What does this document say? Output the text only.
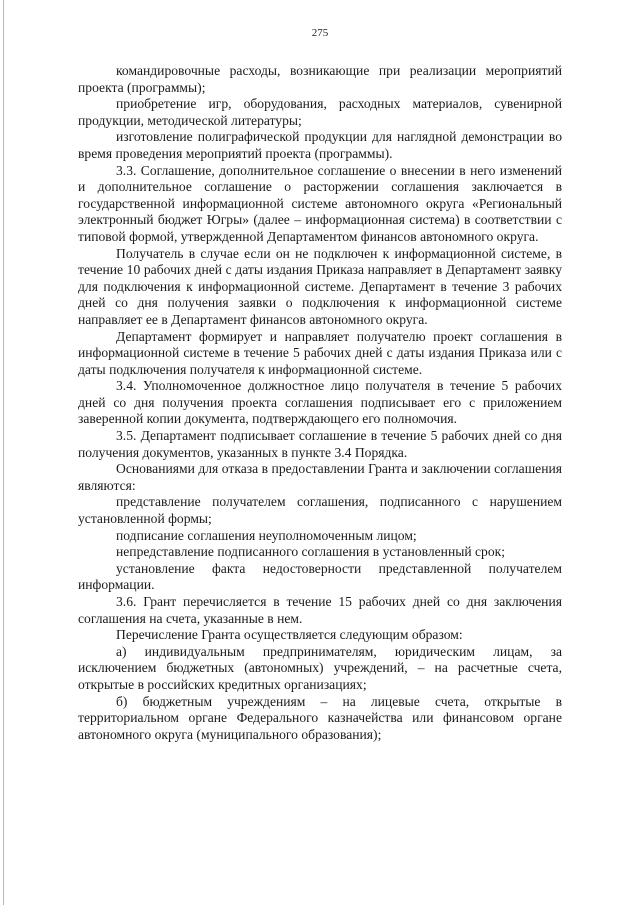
275

командировочные расходы, возникающие при реализации мероприятий проекта (программы);

приобретение игр, оборудования, расходных материалов, сувенирной продукции, методической литературы;

изготовление полиграфической продукции для наглядной демонстрации во время проведения мероприятий проекта (программы).

3.3. Соглашение, дополнительное соглашение о внесении в него изменений и дополнительное соглашение о расторжении соглашения заключается в государственной информационной системе автономного округа «Региональный электронный бюджет Югры» (далее – информационная система) в соответствии с типовой формой, утвержденной Департаментом финансов автономного округа.

Получатель в случае если он не подключен к информационной системе, в течение 10 рабочих дней с даты издания Приказа направляет в Департамент заявку для подключения к информационной системе. Департамент в течение 3 рабочих дней со дня получения заявки о подключения к информационной системе направляет ее в Департамент финансов автономного округа.

Департамент формирует и направляет получателю проект соглашения в информационной системе в течение 5 рабочих дней с даты издания Приказа или с даты подключения получателя к информационной системе.

3.4. Уполномоченное должностное лицо получателя в течение 5 рабочих дней со дня получения проекта соглашения подписывает его с приложением заверенной копии документа, подтверждающего его полномочия.

3.5. Департамент подписывает соглашение в течение 5 рабочих дней со дня получения документов, указанных в пункте 3.4 Порядка.

Основаниями для отказа в предоставлении Гранта и заключении соглашения являются:

представление получателем соглашения, подписанного с нарушением установленной формы;

подписание соглашения неуполномоченным лицом;

непредставление подписанного соглашения в установленный срок;

установление факта недостоверности представленной получателем информации.

3.6. Грант перечисляется в течение 15 рабочих дней со дня заключения соглашения на счета, указанные в нем.

Перечисление Гранта осуществляется следующим образом:

а) индивидуальным предпринимателям, юридическим лицам, за исключением бюджетных (автономных) учреждений, – на расчетные счета, открытые в российских кредитных организациях;

б) бюджетным учреждениям – на лицевые счета, открытые в территориальном органе Федерального казначейства или финансовом органе автономного округа (муниципального образования);
